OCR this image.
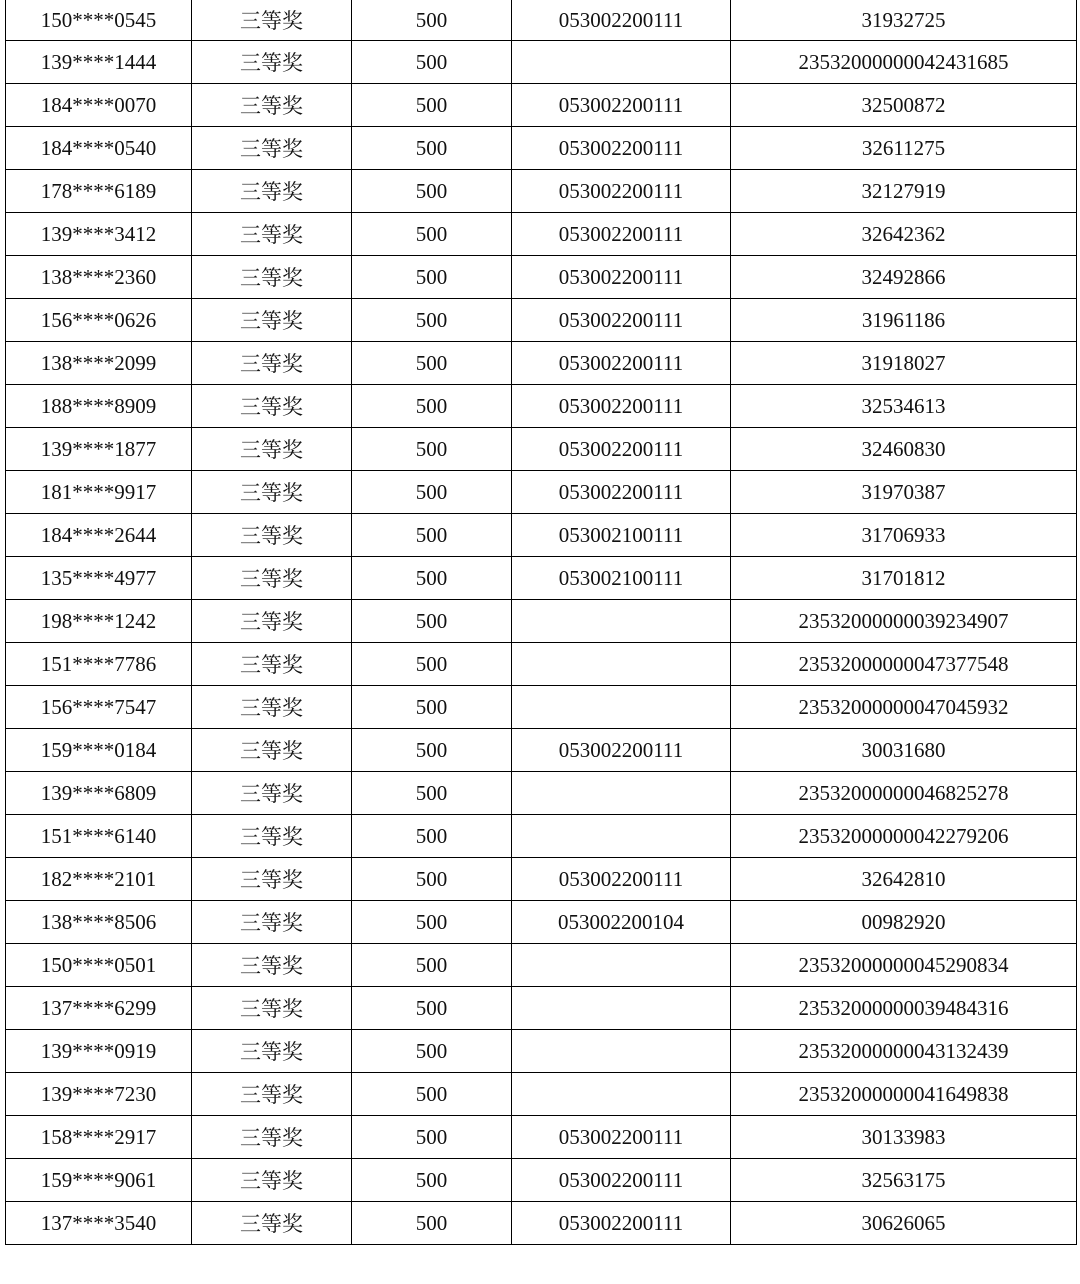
150****0545	三等奖	500	053002200111	31932725
139****1444	三等奖	500		23532000000042431685
184****0070	三等奖	500	053002200111	32500872
184****0540	三等奖	500	053002200111	32611275
178****6189	三等奖	500	053002200111	32127919
139****3412	三等奖	500	053002200111	32642362
138****2360	三等奖	500	053002200111	32492866
156****0626	三等奖	500	053002200111	31961186
138****2099	三等奖	500	053002200111	31918027
188****8909	三等奖	500	053002200111	32534613
139****1877	三等奖	500	053002200111	32460830
181****9917	三等奖	500	053002200111	31970387
184****2644	三等奖	500	053002100111	31706933
135****4977	三等奖	500	053002100111	31701812
198****1242	三等奖	500		23532000000039234907
151****7786	三等奖	500		23532000000047377548
156****7547	三等奖	500		23532000000047045932
159****0184	三等奖	500	053002200111	30031680
139****6809	三等奖	500		23532000000046825278
151****6140	三等奖	500		23532000000042279206
182****2101	三等奖	500	053002200111	32642810
138****8506	三等奖	500	053002200104	00982920
150****0501	三等奖	500		23532000000045290834
137****6299	三等奖	500		23532000000039484316
139****0919	三等奖	500		23532000000043132439
139****7230	三等奖	500		23532000000041649838
158****2917	三等奖	500	053002200111	30133983
159****9061	三等奖	500	053002200111	32563175
137****3540	三等奖	500	053002200111	30626065
